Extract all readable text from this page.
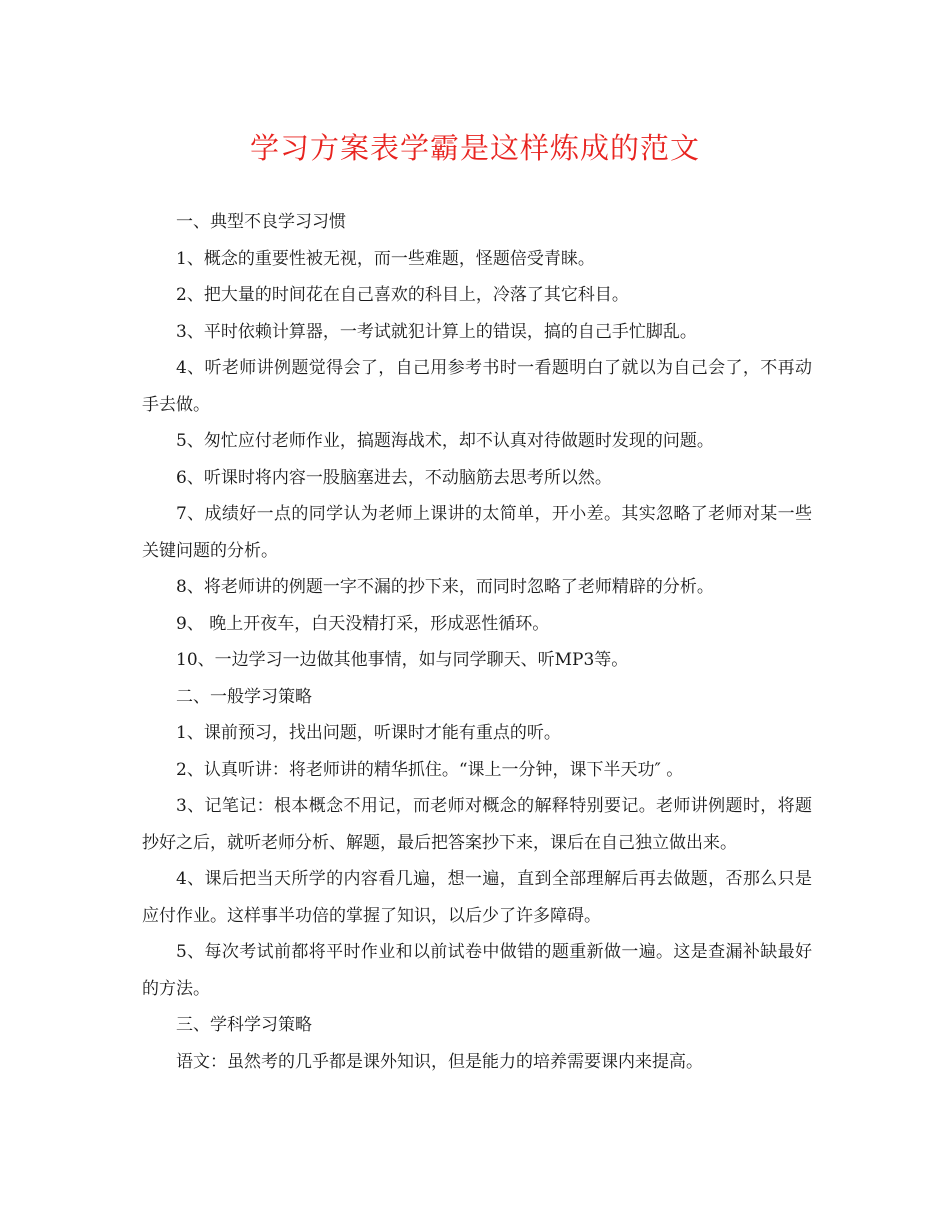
学习方案表学霸是这样炼成的范文

一、典型不良学习习惯

1、概念的重要性被无视，而一些难题，怪题倍受青睐。

2、把大量的时间花在自己喜欢的科目上，冷落了其它科目。

3、平时依赖计算器，一考试就犯计算上的错误，搞的自己手忙脚乱。

4、听老师讲例题觉得会了，自己用参考书时一看题明白了就以为自己会了，不再动手去做。

5、匆忙应付老师作业，搞题海战术，却不认真对待做题时发现的问题。

6、听课时将内容一股脑塞进去，不动脑筋去思考所以然。

7、成绩好一点的同学认为老师上课讲的太简单，开小差。其实忽略了老师对某一些关键问题的分析。

8、将老师讲的例题一字不漏的抄下来，而同时忽略了老师精辟的分析。

9、 晚上开夜车，白天没精打采，形成恶性循环。

10、一边学习一边做其他事情，如与同学聊天、听MP3等。

二、一般学习策略

1、课前预习，找出问题，听课时才能有重点的听。

2、认真听讲：将老师讲的精华抓住。“课上一分钟，课下半天功″ 。

3、记笔记：根本概念不用记，而老师对概念的解释特别要记。老师讲例题时，将题抄好之后，就听老师分析、解题，最后把答案抄下来，课后在自己独立做出来。

4、课后把当天所学的内容看几遍，想一遍，直到全部理解后再去做题，否那么只是应付作业。这样事半功倍的掌握了知识，以后少了许多障碍。

5、每次考试前都将平时作业和以前试卷中做错的题重新做一遍。这是查漏补缺最好的方法。

三、学科学习策略

语文：虽然考的几乎都是课外知识，但是能力的培养需要课内来提高。
